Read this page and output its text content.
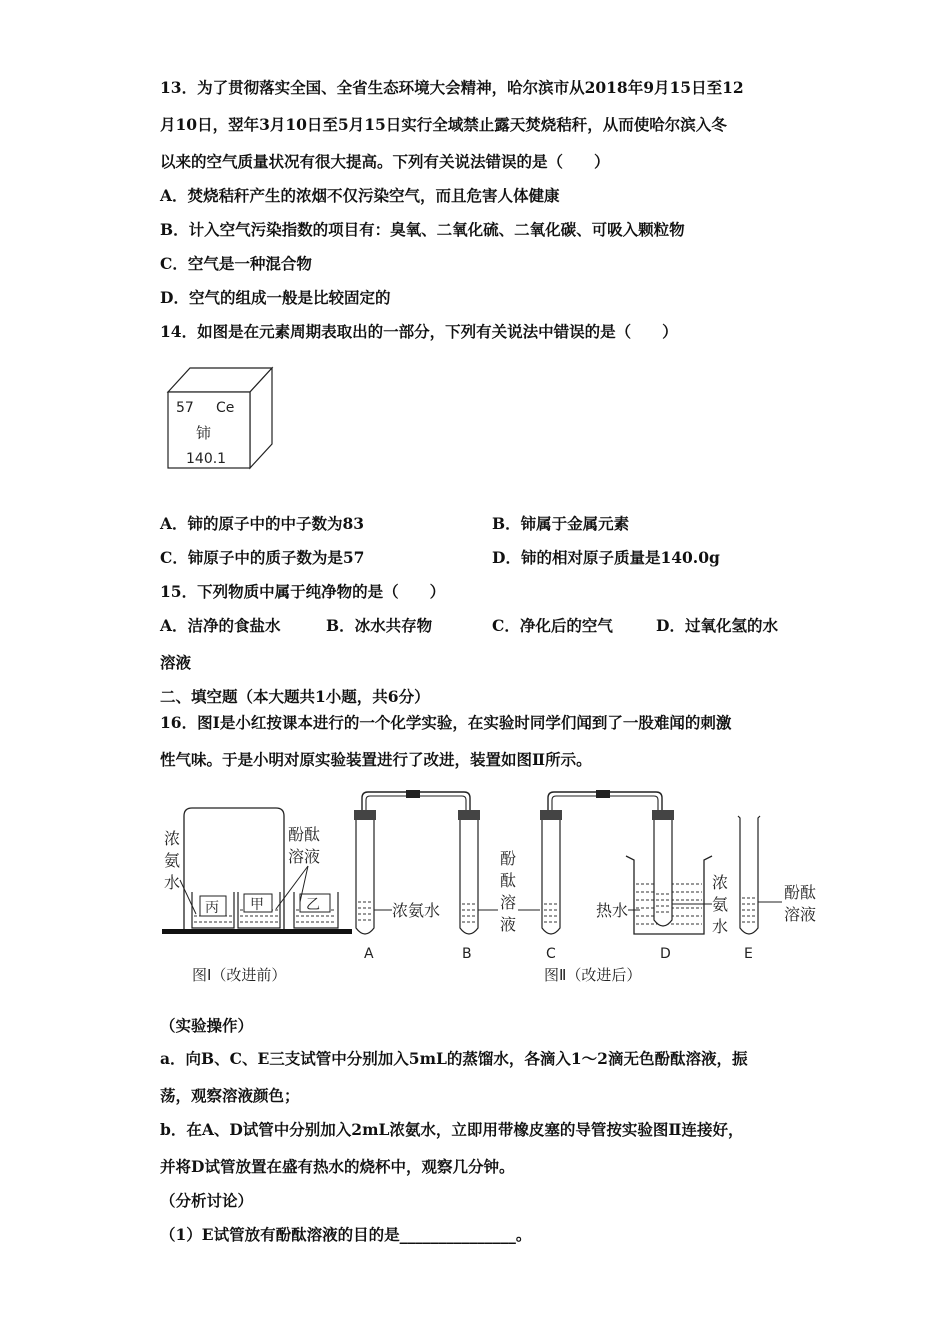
13．为了贯彻落实全国、全省生态环境大会精神，哈尔滨市从2018年9月15日至12
月10日，翌年3月10日至5月15日实行全域禁止露天焚烧秸秆，从而使哈尔滨入冬
以来的空气质量状况有很大提高。下列有关说法错误的是（　　）
A．焚烧秸秆产生的浓烟不仅污染空气，而且危害人体健康
B．计入空气污染指数的项目有：臭氧、二氧化硫、二氧化碳、可吸入颗粒物
C．空气是一种混合物
D．空气的组成一般是比较固定的
14．如图是在元素周期表取出的一部分，下列有关说法中错误的是（　　）
57 Ce
铈
140.1
A．铈的原子中的中子数为83	B．铈属于金属元素
C．铈原子中的质子数为是57	D．铈的相对原子质量是140.0g
15．下列物质中属于纯净物的是（　　）
A．洁净的食盐水	B．冰水共存物	C．净化后的空气	D．过氧化氢的水
溶液
二、填空题（本大题共1小题，共6分）
16．图Ⅰ是小红按课本进行的一个化学实验，在实验时同学们闻到了一股难闻的刺激
性气味。于是小明对原实验装置进行了改进，装置如图Ⅱ所示。
丙 甲	乙
浓
氨
水
酚酞
溶液
图Ⅰ（改进前）
浓氨水
A	B
酚
酞
溶
液
C
热水
D
浓
氨
水
酚酞
溶液
E
图Ⅱ（改进后）
（实验操作）
a．向B、C、E三支试管中分别加入5mL的蒸馏水，各滴入1～2滴无色酚酞溶液，振
荡，观察溶液颜色；
b．在A、D试管中分别加入2mL浓氨水，立即用带橡皮塞的导管按实验图Ⅱ连接好，
并将D试管放置在盛有热水的烧杯中，观察几分钟。
（分析讨论）
（1）E试管放有酚酞溶液的目的是_______________。
